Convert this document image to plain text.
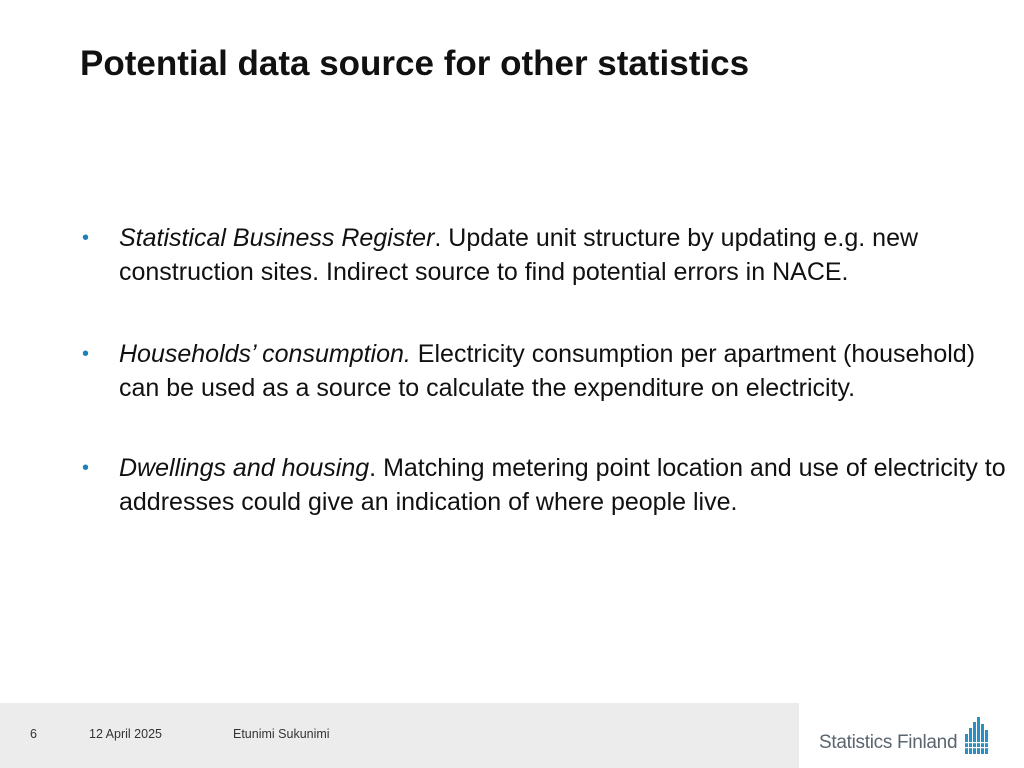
Potential data source for other statistics
• Statistical Business Register. Update unit structure by updating e.g. new construction sites. Indirect source to find potential errors in NACE.
• Households’ consumption. Electricity consumption per apartment (household) can be used as a source to calculate the expenditure on electricity.
• Dwellings and housing. Matching metering point location and use of electricity to addresses could give an indication of where people live.
6	12 April 2025	Etunimi Sukunimi	Statistics Finland
